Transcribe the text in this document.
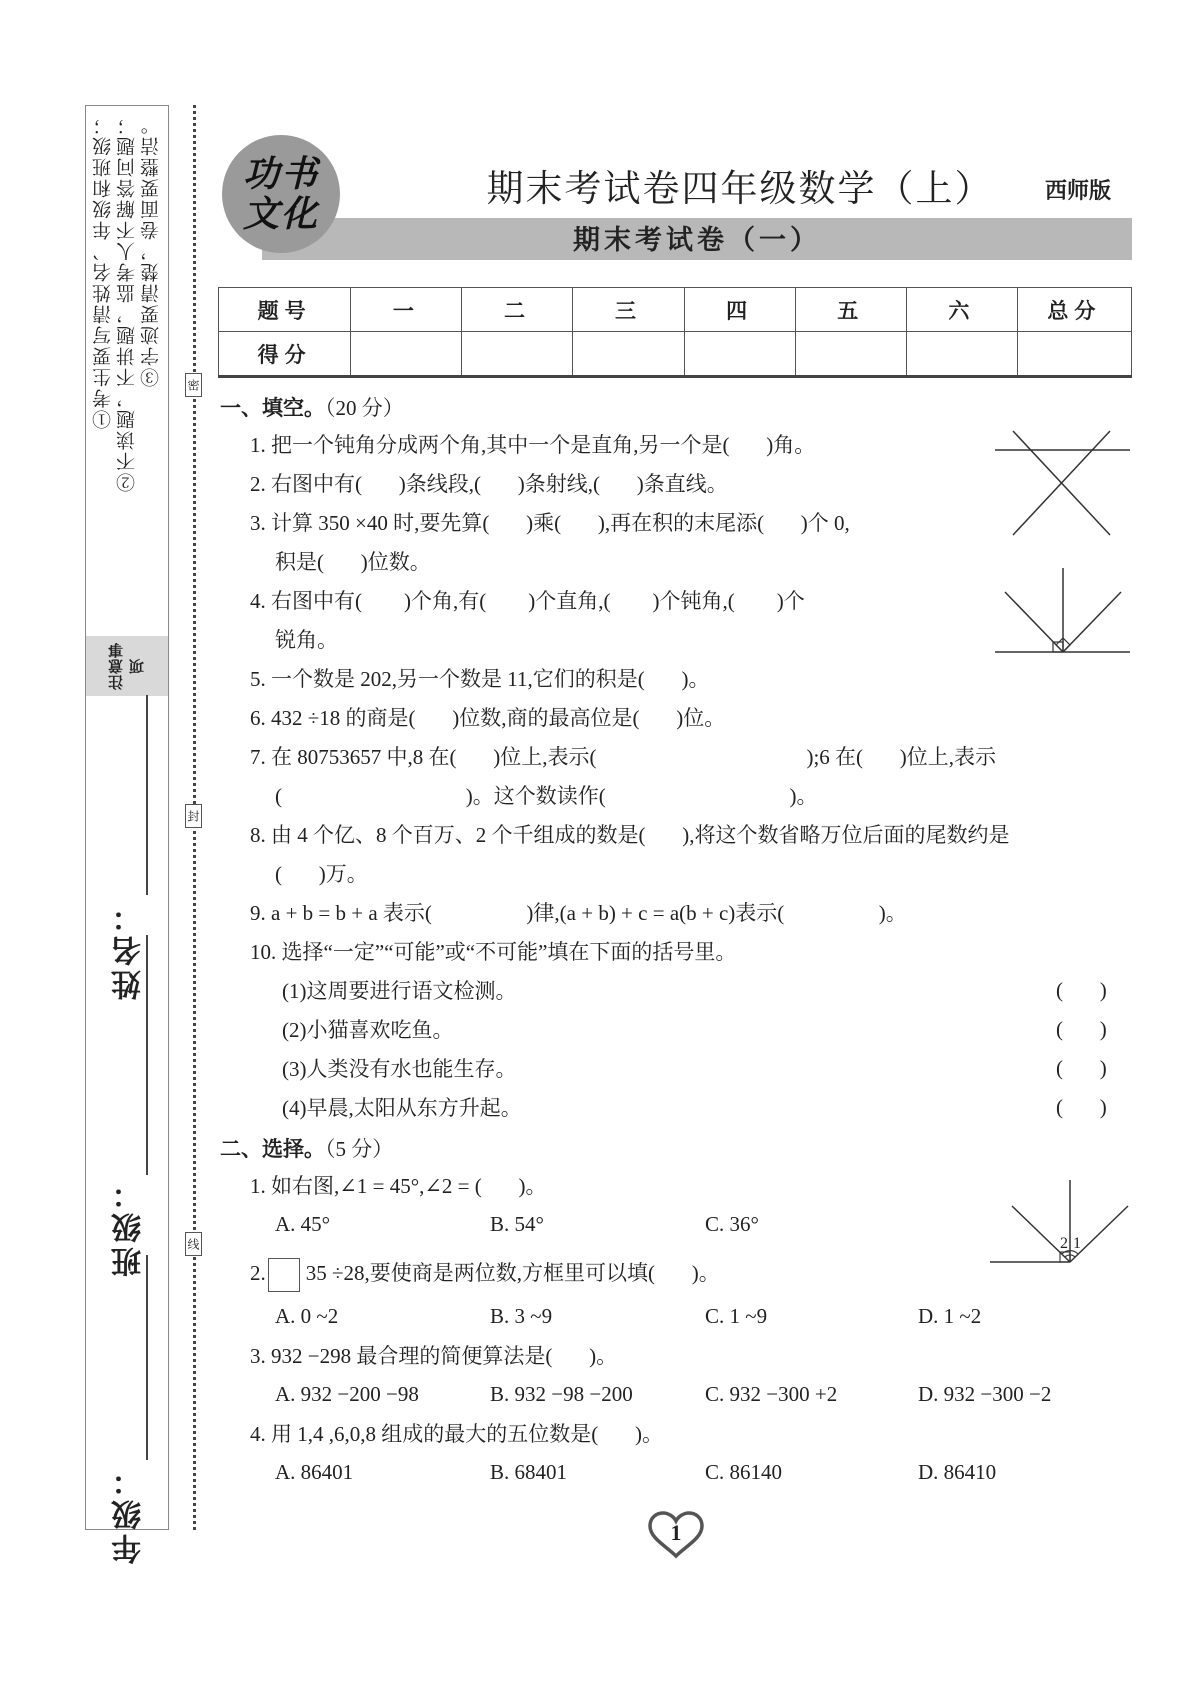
①考生要写清姓名、年级和班级； ②不读题，不讲题，监考人不解答问题； ③字迹要清楚，卷面要整洁。
注意事项
姓名：
班级：
年级：
密
封
线
功书
文化
期末考试卷四年级数学（上）	西师版
期末考试卷（一）
题号	一	二	三	四	五	六	总分
得分							
一、填空。（20 分）
1. 把一个钝角分成两个角,其中一个是直角,另一个是(       )角。
2. 右图中有(       )条线段,(       )条射线,(       )条直线。
3. 计算 350 ×40 时,要先算(       )乘(       ),再在积的末尾添(       )个 0,
积是(       )位数。
4. 右图中有(        )个角,有(        )个直角,(        )个钝角,(        )个
锐角。
5. 一个数是 202,另一个数是 11,它们的积是(       )。
6. 432 ÷18 的商是(       )位数,商的最高位是(       )位。
7. 在 80753657 中,8 在(       )位上,表示(                                        );6 在(       )位上,表示
(                                   )。这个数读作(                                   )。
8. 由 4 个亿、8 个百万、2 个千组成的数是(       ),将这个数省略万位后面的尾数约是
(       )万。
9. a + b = b + a 表示(                  )律,(a + b) + c = a(b + c)表示(                  )。
10. 选择“一定”“可能”或“不可能”填在下面的括号里。
(1)这周要进行语文检测。	(       )
(2)小猫喜欢吃鱼。	(       )
(3)人类没有水也能生存。	(       )
(4)早晨,太阳从东方升起。	(       )
二、选择。（5 分）
1. 如右图,∠1 = 45°,∠2 = (       )。
A. 45°	B. 54°	C. 36°
2 1
2. 35 ÷28,要使商是两位数,方框里可以填(       )。
A. 0 ~2	B. 3 ~9	C. 1 ~9	D. 1 ~2
3. 932 −298 最合理的简便算法是(       )。
A. 932 −200 −98	B. 932 −98 −200	C. 932 −300 +2	D. 932 −300 −2
4. 用 1,4 ,6,0,8 组成的最大的五位数是(       )。
A. 86401	B. 68401	C. 86140	D. 86410
1
